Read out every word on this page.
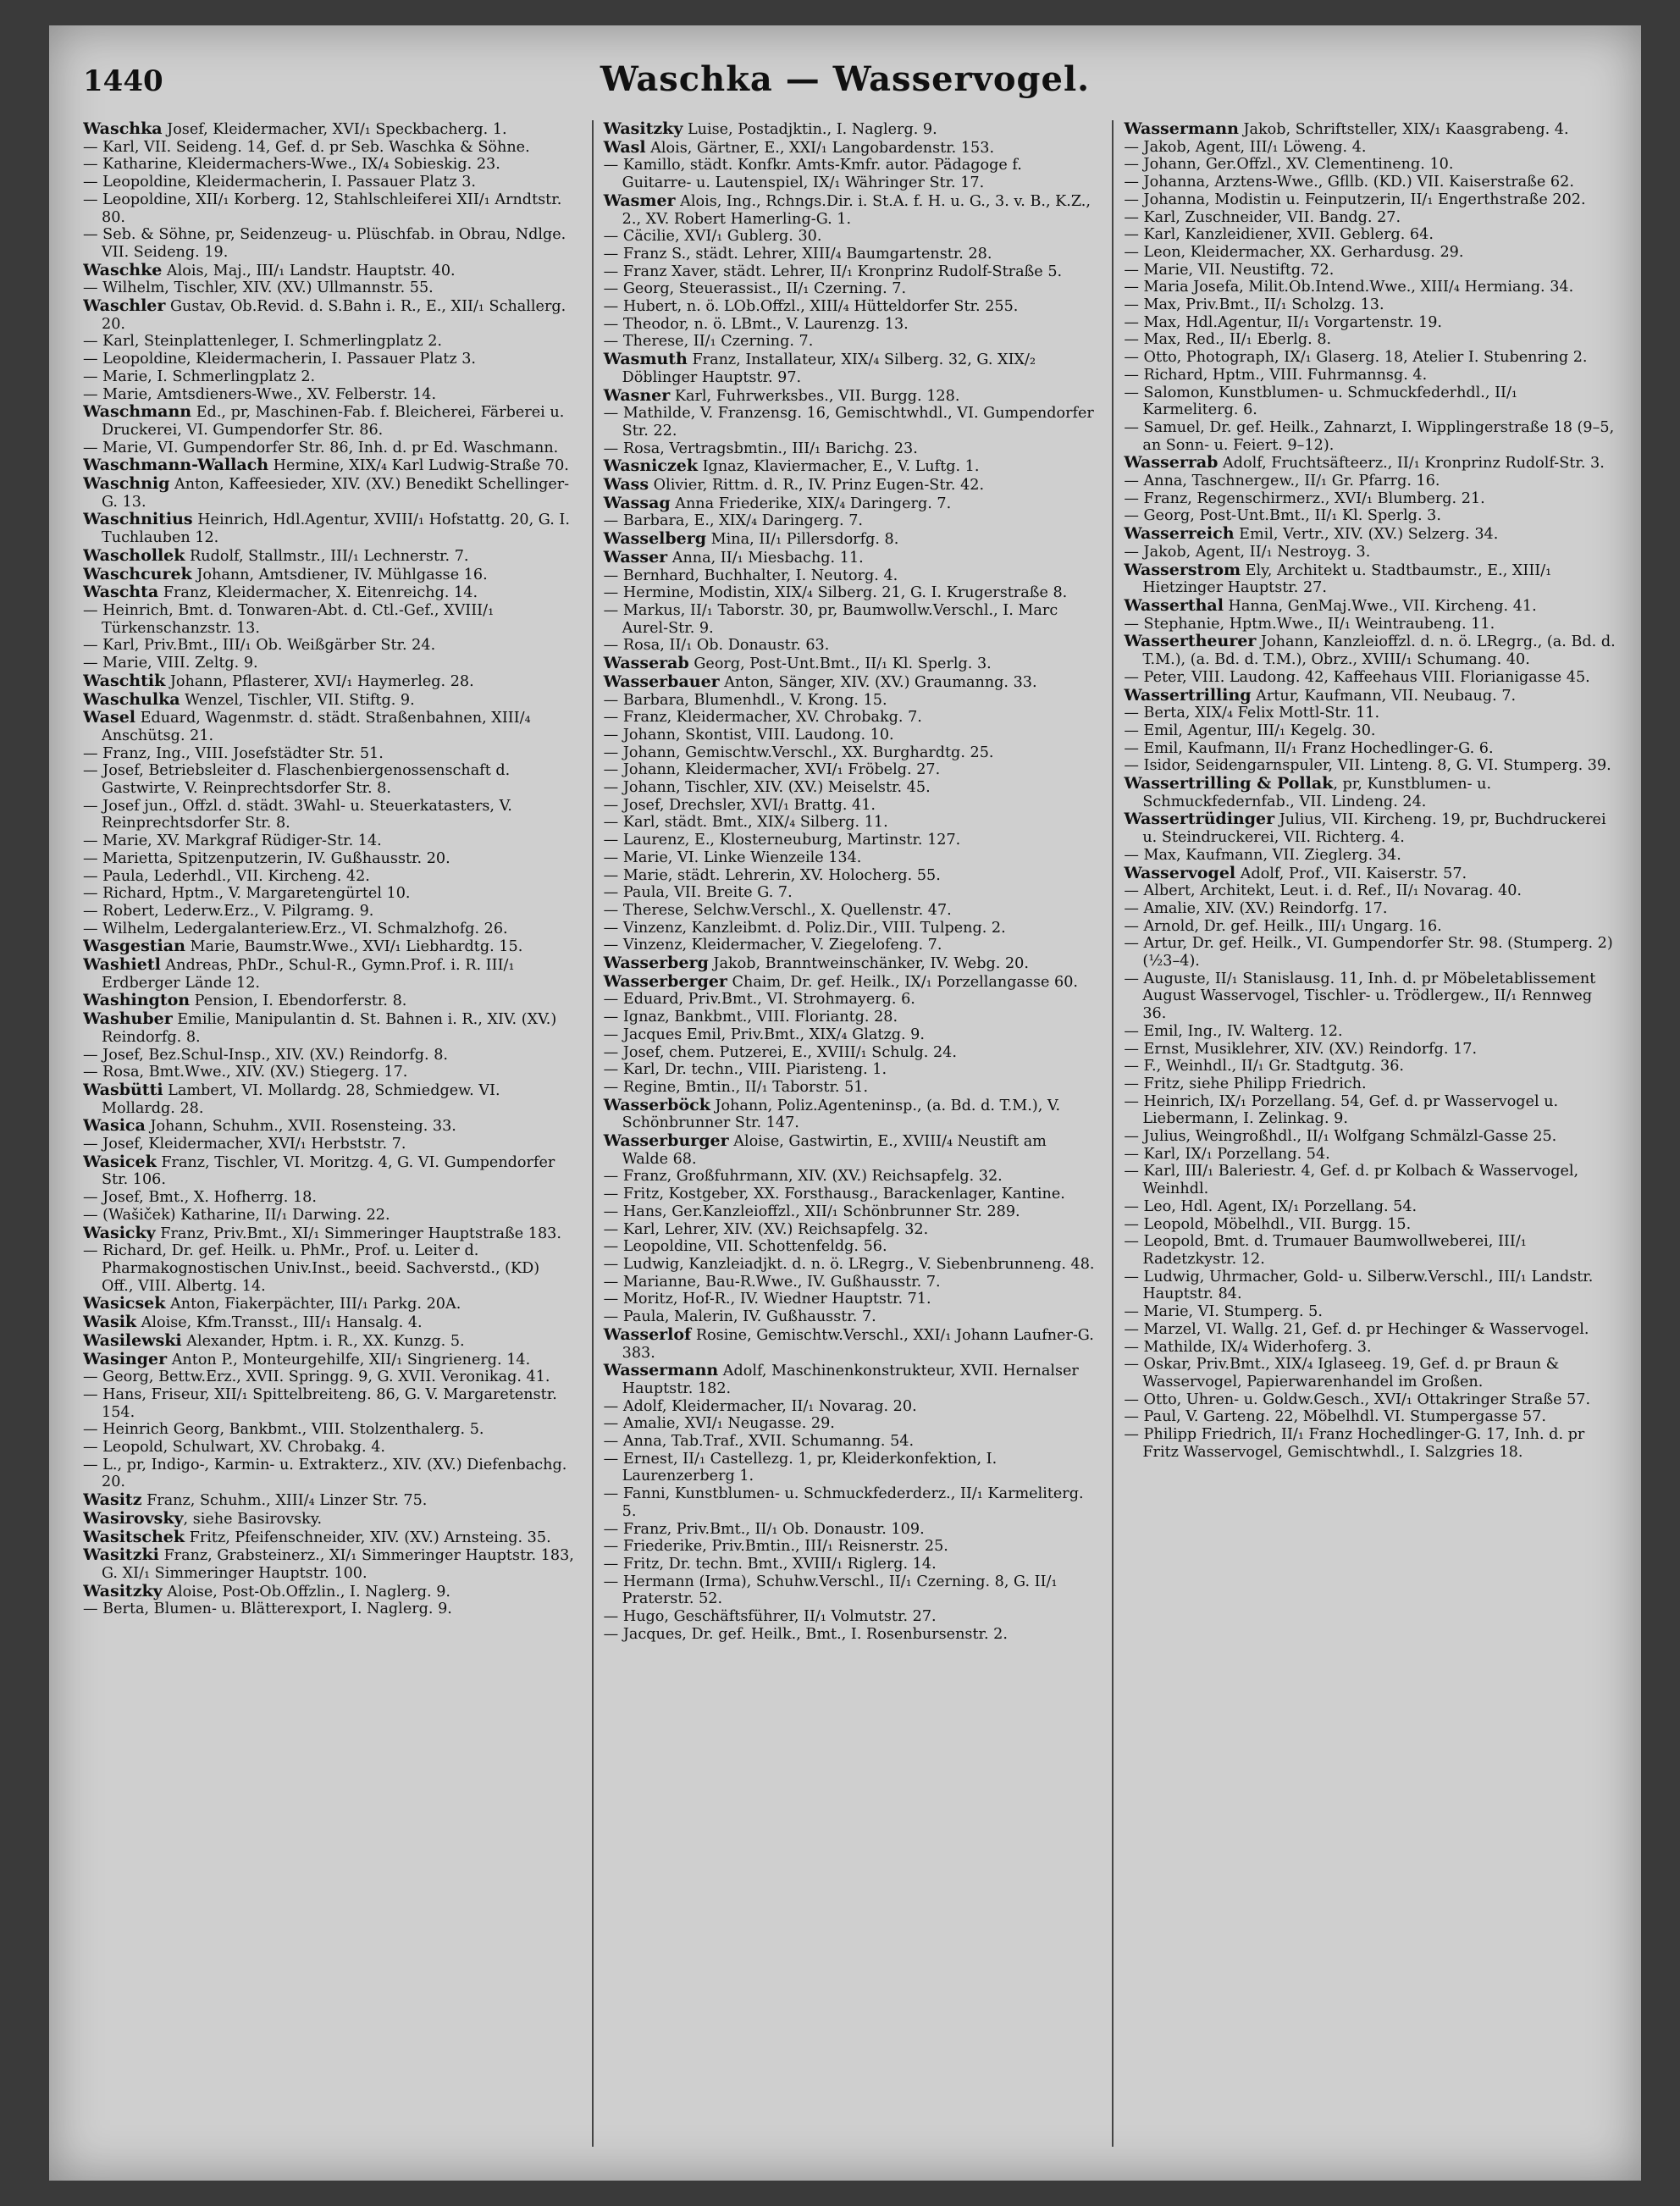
1440	Waschka — Wasservogel.
Waschka Josef, Kleidermacher, XVI/₁ Speckbacherg. 1.
— Karl, VII. Seideng. 14, Gef. d. pr Seb. Waschka & Söhne.
— Katharine, Kleidermachers-Wwe., IX/₄ Sobieskig. 23.
— Leopoldine, Kleidermacherin, I. Passauer Platz 3.
— Leopoldine, XII/₁ Korberg. 12, Stahlschleiferei XII/₁ Arndtstr. 80.
— Seb. & Söhne, pr, Seidenzeug- u. Plüschfab. in Obrau, Ndlge. VII. Seideng. 19.
Waschke Alois, Maj., III/₁ Landstr. Hauptstr. 40.
— Wilhelm, Tischler, XIV. (XV.) Ullmannstr. 55.
Waschler Gustav, Ob.Revid. d. S.Bahn i. R., E., XII/₁ Schallerg. 20.
— Karl, Steinplattenleger, I. Schmerlingplatz 2.
— Leopoldine, Kleidermacherin, I. Passauer Platz 3.
— Marie, I. Schmerlingplatz 2.
— Marie, Amtsdieners-Wwe., XV. Felberstr. 14.
Waschmann Ed., pr, Maschinen-Fab. f. Bleicherei, Färberei u. Druckerei, VI. Gumpendorfer Str. 86.
— Marie, VI. Gumpendorfer Str. 86, Inh. d. pr Ed. Waschmann.
Waschmann-Wallach Hermine, XIX/₄ Karl Ludwig-Straße 70.
Waschnig Anton, Kaffeesieder, XIV. (XV.) Benedikt Schellinger-G. 13.
Waschnitius Heinrich, Hdl.Agentur, XVIII/₁ Hofstattg. 20, G. I. Tuchlauben 12.
Waschollek Rudolf, Stallmstr., III/₁ Lechnerstr. 7.
Waschcurek Johann, Amtsdiener, IV. Mühlgasse 16.
Waschta Franz, Kleidermacher, X. Eitenreichg. 14.
— Heinrich, Bmt. d. Tonwaren-Abt. d. Ctl.-Gef., XVIII/₁ Türkenschanzstr. 13.
— Karl, Priv.Bmt., III/₁ Ob. Weißgärber Str. 24.
— Marie, VIII. Zeltg. 9.
Waschtik Johann, Pflasterer, XVI/₁ Haymerleg. 28.
Waschulka Wenzel, Tischler, VII. Stiftg. 9.
Wasel Eduard, Wagenmstr. d. städt. Straßenbahnen, XIII/₄ Anschütsg. 21.
— Franz, Ing., VIII. Josefstädter Str. 51.
— Josef, Betriebsleiter d. Flaschenbiergenossenschaft d. Gastwirte, V. Reinprechtsdorfer Str. 8.
— Josef jun., Offzl. d. städt. 3Wahl- u. Steuerkatasters, V. Reinprechtsdorfer Str. 8.
— Marie, XV. Markgraf Rüdiger-Str. 14.
— Marietta, Spitzenputzerin, IV. Gußhausstr. 20.
— Paula, Lederhdl., VII. Kircheng. 42.
— Richard, Hptm., V. Margaretengürtel 10.
— Robert, Lederw.Erz., V. Pilgramg. 9.
— Wilhelm, Ledergalanteriew.Erz., VI. Schmalzhofg. 26.
Wasgestian Marie, Baumstr.Wwe., XVI/₁ Liebhardtg. 15.
Washietl Andreas, PhDr., Schul-R., Gymn.Prof. i. R. III/₁ Erdberger Lände 12.
Washington Pension, I. Ebendorferstr. 8.
Washuber Emilie, Manipulantin d. St. Bahnen i. R., XIV. (XV.) Reindorfg. 8.
— Josef, Bez.Schul-Insp., XIV. (XV.) Reindorfg. 8.
— Rosa, Bmt.Wwe., XIV. (XV.) Stiegerg. 17.
Wasbütti Lambert, VI. Mollardg. 28, Schmiedgew. VI. Mollardg. 28.
Wasica Johann, Schuhm., XVII. Rosensteing. 33.
— Josef, Kleidermacher, XVI/₁ Herbststr. 7.
Wasicek Franz, Tischler, VI. Moritzg. 4, G. VI. Gumpendorfer Str. 106.
— Josef, Bmt., X. Hofherrg. 18.
— (Wašiček) Katharine, II/₁ Darwing. 22.
Wasicky Franz, Priv.Bmt., XI/₁ Simmeringer Hauptstraße 183.
— Richard, Dr. gef. Heilk. u. PhMr., Prof. u. Leiter d. Pharmakognostischen Univ.Inst., beeid. Sachverstd., (KD) Off., VIII. Albertg. 14.
Wasicsek Anton, Fiakerpächter, III/₁ Parkg. 20A.
Wasik Aloise, Kfm.Transst., III/₁ Hansalg. 4.
Wasilewski Alexander, Hptm. i. R., XX. Kunzg. 5.
Wasinger Anton P., Monteurgehilfe, XII/₁ Singrienerg. 14.
— Georg, Bettw.Erz., XVII. Springg. 9, G. XVII. Veronikag. 41.
— Hans, Friseur, XII/₁ Spittelbreiteng. 86, G. V. Margaretenstr. 154.
— Heinrich Georg, Bankbmt., VIII. Stolzenthalerg. 5.
— Leopold, Schulwart, XV. Chrobakg. 4.
— L., pr, Indigo-, Karmin- u. Extrakterz., XIV. (XV.) Diefenbachg. 20.
Wasitz Franz, Schuhm., XIII/₄ Linzer Str. 75.
Wasirovsky, siehe Basirovsky.
Wasitschek Fritz, Pfeifenschneider, XIV. (XV.) Arnsteing. 35.
Wasitzki Franz, Grabsteinerz., XI/₁ Simmeringer Hauptstr. 183, G. XI/₁ Simmeringer Hauptstr. 100.
Wasitzky Aloise, Post-Ob.Offzlin., I. Naglerg. 9.
— Berta, Blumen- u. Blätterexport, I. Naglerg. 9.
Wasitzky Luise, Postadjktin., I. Naglerg. 9.
Wasl Alois, Gärtner, E., XXI/₁ Langobardenstr. 153.
— Kamillo, städt. Konfkr. Amts-Kmfr. autor. Pädagoge f. Guitarre- u. Lautenspiel, IX/₁ Währinger Str. 17.
Wasmer Alois, Ing., Rchngs.Dir. i. St.A. f. H. u. G., 3. v. B., K.Z., 2., XV. Robert Hamerling-G. 1.
— Cäcilie, XVI/₁ Gublerg. 30.
— Franz S., städt. Lehrer, XIII/₄ Baumgartenstr. 28.
— Franz Xaver, städt. Lehrer, II/₁ Kronprinz Rudolf-Straße 5.
— Georg, Steuerassist., II/₁ Czerning. 7.
— Hubert, n. ö. LOb.Offzl., XIII/₄ Hütteldorfer Str. 255.
— Theodor, n. ö. LBmt., V. Laurenzg. 13.
— Therese, II/₁ Czerning. 7.
Wasmuth Franz, Installateur, XIX/₄ Silberg. 32, G. XIX/₂ Döblinger Hauptstr. 97.
Wasner Karl, Fuhrwerksbes., VII. Burgg. 128.
— Mathilde, V. Franzensg. 16, Gemischtwhdl., VI. Gumpendorfer Str. 22.
— Rosa, Vertragsbmtin., III/₁ Barichg. 23.
Wasniczek Ignaz, Klaviermacher, E., V. Luftg. 1.
Wass Olivier, Rittm. d. R., IV. Prinz Eugen-Str. 42.
Wassag Anna Friederike, XIX/₄ Daringerg. 7.
— Barbara, E., XIX/₄ Daringerg. 7.
Wasselberg Mina, II/₁ Pillersdorfg. 8.
Wasser Anna, II/₁ Miesbachg. 11.
— Bernhard, Buchhalter, I. Neutorg. 4.
— Hermine, Modistin, XIX/₄ Silberg. 21, G. I. Krugerstraße 8.
— Markus, II/₁ Taborstr. 30, pr, Baumwollw.Verschl., I. Marc Aurel-Str. 9.
— Rosa, II/₁ Ob. Donaustr. 63.
Wasserab Georg, Post-Unt.Bmt., II/₁ Kl. Sperlg. 3.
Wasserbauer Anton, Sänger, XIV. (XV.) Graumanng. 33.
— Barbara, Blumenhdl., V. Krong. 15.
— Franz, Kleidermacher, XV. Chrobakg. 7.
— Johann, Skontist, VIII. Laudong. 10.
— Johann, Gemischtw.Verschl., XX. Burghardtg. 25.
— Johann, Kleidermacher, XVI/₁ Fröbelg. 27.
— Johann, Tischler, XIV. (XV.) Meiselstr. 45.
— Josef, Drechsler, XVI/₁ Brattg. 41.
— Karl, städt. Bmt., XIX/₄ Silberg. 11.
— Laurenz, E., Klosterneuburg, Martinstr. 127.
— Marie, VI. Linke Wienzeile 134.
— Marie, städt. Lehrerin, XV. Holocherg. 55.
— Paula, VII. Breite G. 7.
— Therese, Selchw.Verschl., X. Quellenstr. 47.
— Vinzenz, Kanzleibmt. d. Poliz.Dir., VIII. Tulpeng. 2.
— Vinzenz, Kleidermacher, V. Ziegelofeng. 7.
Wasserberg Jakob, Branntweinschänker, IV. Webg. 20.
Wasserberger Chaim, Dr. gef. Heilk., IX/₁ Porzellangasse 60.
— Eduard, Priv.Bmt., VI. Strohmayerg. 6.
— Ignaz, Bankbmt., VIII. Floriantg. 28.
— Jacques Emil, Priv.Bmt., XIX/₄ Glatzg. 9.
— Josef, chem. Putzerei, E., XVIII/₁ Schulg. 24.
— Karl, Dr. techn., VIII. Piaristeng. 1.
— Regine, Bmtin., II/₁ Taborstr. 51.
Wasserböck Johann, Poliz.Agenteninsp., (a. Bd. d. T.M.), V. Schönbrunner Str. 147.
Wasserburger Aloise, Gastwirtin, E., XVIII/₄ Neustift am Walde 68.
— Franz, Großfuhrmann, XIV. (XV.) Reichsapfelg. 32.
— Fritz, Kostgeber, XX. Forsthausg., Barackenlager, Kantine.
— Hans, Ger.Kanzleioffzl., XII/₁ Schönbrunner Str. 289.
— Karl, Lehrer, XIV. (XV.) Reichsapfelg. 32.
— Leopoldine, VII. Schottenfeldg. 56.
— Ludwig, Kanzleiadjkt. d. n. ö. LRegrg., V. Siebenbrunneng. 48.
— Marianne, Bau-R.Wwe., IV. Gußhausstr. 7.
— Moritz, Hof-R., IV. Wiedner Hauptstr. 71.
— Paula, Malerin, IV. Gußhausstr. 7.
Wasserlof Rosine, Gemischtw.Verschl., XXI/₁ Johann Laufner-G. 383.
Wassermann Adolf, Maschinenkonstrukteur, XVII. Hernalser Hauptstr. 182.
— Adolf, Kleidermacher, II/₁ Novarag. 20.
— Amalie, XVI/₁ Neugasse. 29.
— Anna, Tab.Traf., XVII. Schumanng. 54.
— Ernest, II/₁ Castellezg. 1, pr, Kleiderkonfektion, I. Laurenzerberg 1.
— Fanni, Kunstblumen- u. Schmuckfederderz., II/₁ Karmeliterg. 5.
— Franz, Priv.Bmt., II/₁ Ob. Donaustr. 109.
— Friederike, Priv.Bmtin., III/₁ Reisnerstr. 25.
— Fritz, Dr. techn. Bmt., XVIII/₁ Riglerg. 14.
— Hermann (Irma), Schuhw.Verschl., II/₁ Czerning. 8, G. II/₁ Praterstr. 52.
— Hugo, Geschäftsführer, II/₁ Volmutstr. 27.
— Jacques, Dr. gef. Heilk., Bmt., I. Rosenbursenstr. 2.
Wassermann Jakob, Schriftsteller, XIX/₁ Kaasgrabeng. 4.
— Jakob, Agent, III/₁ Löweng. 4.
— Johann, Ger.Offzl., XV. Clementineng. 10.
— Johanna, Arztens-Wwe., Gfllb. (KD.) VII. Kaiserstraße 62.
— Johanna, Modistin u. Feinputzerin, II/₁ Engerthstraße 202.
— Karl, Zuschneider, VII. Bandg. 27.
— Karl, Kanzleidiener, XVII. Geblerg. 64.
— Leon, Kleidermacher, XX. Gerhardusg. 29.
— Marie, VII. Neustiftg. 72.
— Maria Josefa, Milit.Ob.Intend.Wwe., XIII/₄ Hermiang. 34.
— Max, Priv.Bmt., II/₁ Scholzg. 13.
— Max, Hdl.Agentur, II/₁ Vorgartenstr. 19.
— Max, Red., II/₁ Eberlg. 8.
— Otto, Photograph, IX/₁ Glaserg. 18, Atelier I. Stubenring 2.
— Richard, Hptm., VIII. Fuhrmannsg. 4.
— Salomon, Kunstblumen- u. Schmuckfederhdl., II/₁ Karmeliterg. 6.
— Samuel, Dr. gef. Heilk., Zahnarzt, I. Wipplingerstraße 18 (9–5, an Sonn- u. Feiert. 9–12).
Wasserrab Adolf, Fruchtsäfteerz., II/₁ Kronprinz Rudolf-Str. 3.
— Anna, Taschnergew., II/₁ Gr. Pfarrg. 16.
— Franz, Regenschirmerz., XVI/₁ Blumberg. 21.
— Georg, Post-Unt.Bmt., II/₁ Kl. Sperlg. 3.
Wasserreich Emil, Vertr., XIV. (XV.) Selzerg. 34.
— Jakob, Agent, II/₁ Nestroyg. 3.
Wasserstrom Ely, Architekt u. Stadtbaumstr., E., XIII/₁ Hietzinger Hauptstr. 27.
Wasserthal Hanna, GenMaj.Wwe., VII. Kircheng. 41.
— Stephanie, Hptm.Wwe., II/₁ Weintraubeng. 11.
Wassertheurer Johann, Kanzleioffzl. d. n. ö. LRegrg., (a. Bd. d. T.M.), (a. Bd. d. T.M.), Obrz., XVIII/₁ Schumang. 40.
— Peter, VIII. Laudong. 42, Kaffeehaus VIII. Florianigasse 45.
Wassertrilling Artur, Kaufmann, VII. Neubaug. 7.
— Berta, XIX/₄ Felix Mottl-Str. 11.
— Emil, Agentur, III/₁ Kegelg. 30.
— Emil, Kaufmann, II/₁ Franz Hochedlinger-G. 6.
— Isidor, Seidengarnspuler, VII. Linteng. 8, G. VI. Stumperg. 39.
Wassertrilling & Pollak, pr, Kunstblumen- u. Schmuckfedernfab., VII. Lindeng. 24.
Wassertrüdinger Julius, VII. Kircheng. 19, pr, Buchdruckerei u. Steindruckerei, VII. Richterg. 4.
— Max, Kaufmann, VII. Zieglerg. 34.
Wasservogel Adolf, Prof., VII. Kaiserstr. 57.
— Albert, Architekt, Leut. i. d. Ref., II/₁ Novarag. 40.
— Amalie, XIV. (XV.) Reindorfg. 17.
— Arnold, Dr. gef. Heilk., III/₁ Ungarg. 16.
— Artur, Dr. gef. Heilk., VI. Gumpendorfer Str. 98. (Stumperg. 2) (½3–4).
— Auguste, II/₁ Stanislausg. 11, Inh. d. pr Möbeletablissement August Wasservogel, Tischler- u. Trödlergew., II/₁ Rennweg 36.
— Emil, Ing., IV. Walterg. 12.
— Ernst, Musiklehrer, XIV. (XV.) Reindorfg. 17.
— F., Weinhdl., II/₁ Gr. Stadtgutg. 36.
— Fritz, siehe Philipp Friedrich.
— Heinrich, IX/₁ Porzellang. 54, Gef. d. pr Wasservogel u. Liebermann, I. Zelinkag. 9.
— Julius, Weingroßhdl., II/₁ Wolfgang Schmälzl-Gasse 25.
— Karl, IX/₁ Porzellang. 54.
— Karl, III/₁ Baleriestr. 4, Gef. d. pr Kolbach & Wasservogel, Weinhdl.
— Leo, Hdl. Agent, IX/₁ Porzellang. 54.
— Leopold, Möbelhdl., VII. Burgg. 15.
— Leopold, Bmt. d. Trumauer Baumwollweberei, III/₁ Radetzkystr. 12.
— Ludwig, Uhrmacher, Gold- u. Silberw.Verschl., III/₁ Landstr. Hauptstr. 84.
— Marie, VI. Stumperg. 5.
— Marzel, VI. Wallg. 21, Gef. d. pr Hechinger & Wasservogel.
— Mathilde, IX/₄ Widerhoferg. 3.
— Oskar, Priv.Bmt., XIX/₄ Iglaseeg. 19, Gef. d. pr Braun & Wasservogel, Papierwarenhandel im Großen.
— Otto, Uhren- u. Goldw.Gesch., XVI/₁ Ottakringer Straße 57.
— Paul, V. Garteng. 22, Möbelhdl. VI. Stumpergasse 57.
— Philipp Friedrich, II/₁ Franz Hochedlinger-G. 17, Inh. d. pr Fritz Wasservogel, Gemischtwhdl., I. Salzgries 18.
